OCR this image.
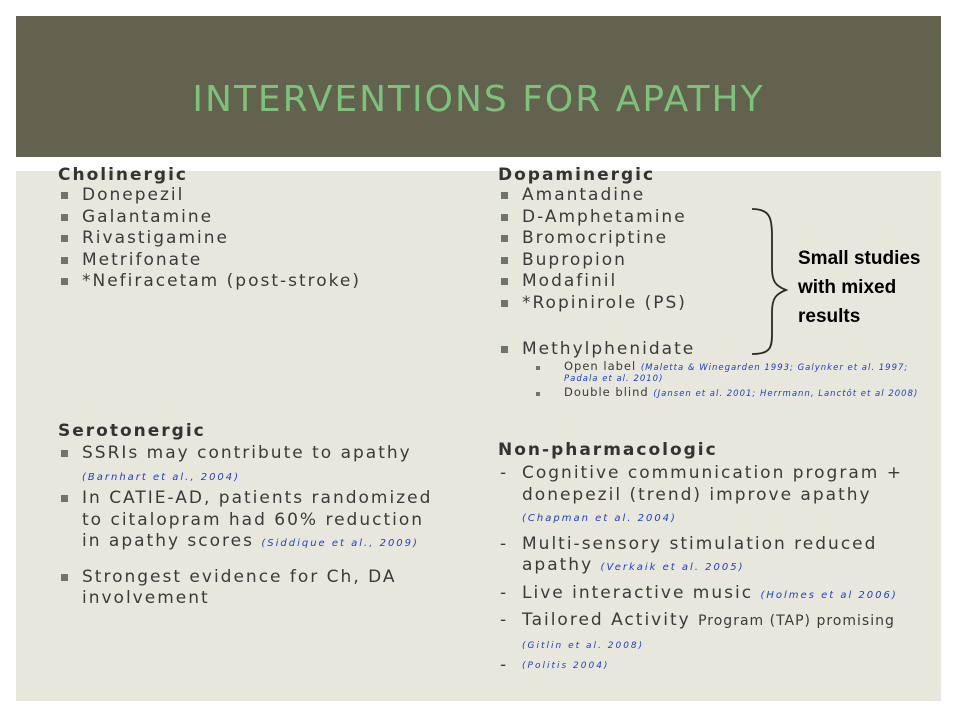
INTERVENTIONS FOR APATHY
Cholinergic
Donepezil
Galantamine
Rivastigamine
Metrifonate
*Nefiracetam (post-stroke)
Serotonergic
SSRIs may contribute to apathy (Barnhart et al., 2004)
In CATIE-AD, patients randomized to citalopram had 60% reduction in apathy scores (Siddique et al., 2009)
Strongest evidence for Ch, DA involvement
Dopaminergic
Amantadine
D-Amphetamine
Bromocriptine
Bupropion
Modafinil
*Ropinirole (PS)
Methylphenidate
Open label (Maletta & Winegarden 1993; Galynker et al. 1997; Padala et al. 2010)
Double blind (Jansen et al. 2001; Herrmann, Lanctôt et al 2008)
Small studies with mixed results
Non-pharmacologic
- Cognitive communication program + donepezil (trend) improve apathy (Chapman et al. 2004)
- Multi-sensory stimulation reduced apathy (Verkaik et al. 2005)
- Live interactive music (Holmes et al 2006)
- Tailored Activity Program (TAP) promising (Gitlin et al. 2008)
- (Politis 2004)
